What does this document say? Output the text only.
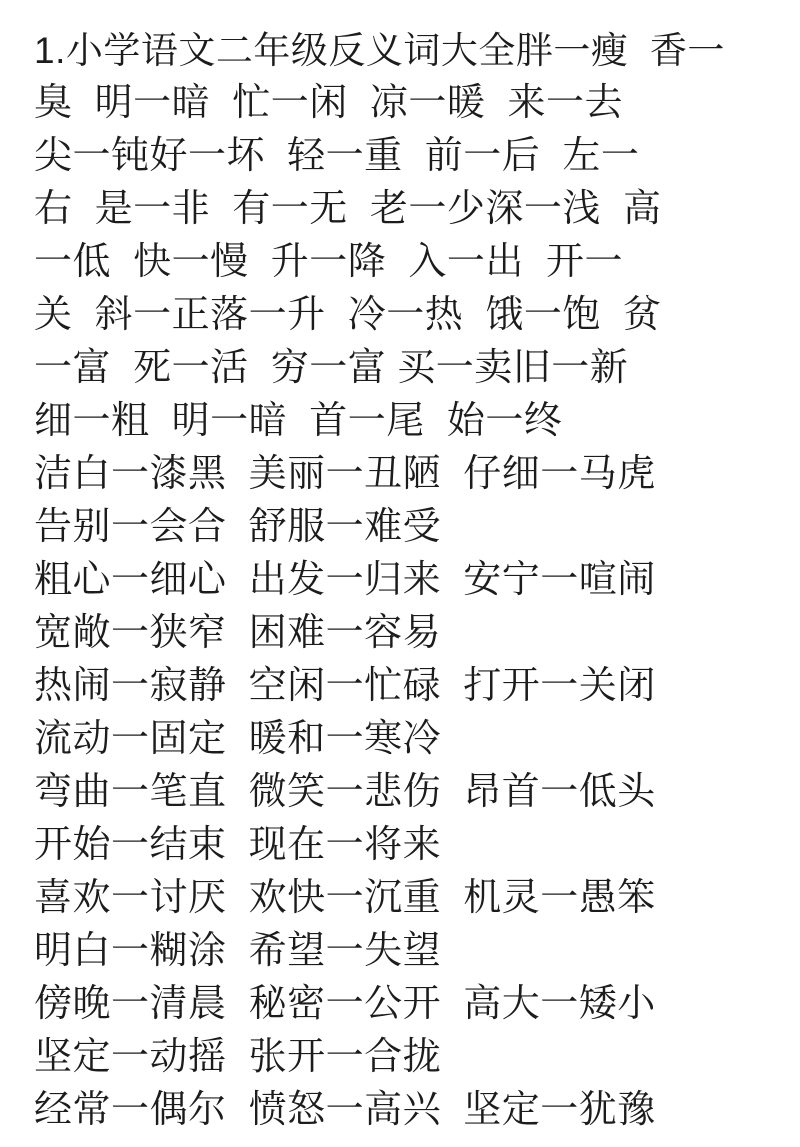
1.小学语文二年级反义词大全胖一瘦  香一
臭  明一暗  忙一闲  凉一暖  来一去
尖一钝好一坏  轻一重  前一后  左一
右  是一非  有一无  老一少深一浅  高
一低  快一慢  升一降  入一出  开一
关  斜一正落一升  冷一热  饿一饱  贫
一富  死一活  穷一富 买一卖旧一新
细一粗  明一暗  首一尾  始一终
洁白一漆黑  美丽一丑陋  仔细一马虎
告别一会合  舒服一难受
粗心一细心  出发一归来  安宁一喧闹
宽敞一狭窄  困难一容易
热闹一寂静  空闲一忙碌  打开一关闭
流动一固定  暖和一寒冷
弯曲一笔直  微笑一悲伤  昂首一低头
开始一结束  现在一将来
喜欢一讨厌  欢快一沉重  机灵一愚笨
明白一糊涂  希望一失望
傍晚一清晨  秘密一公开  高大一矮小
坚定一动摇  张开一合拢
经常一偶尔  愤怒一高兴  坚定一犹豫
